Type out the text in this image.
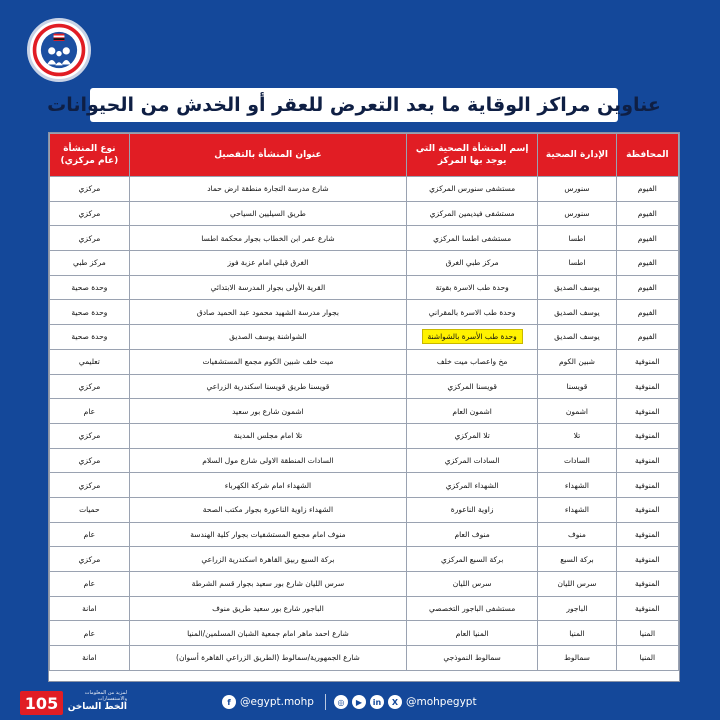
عناوين مراكز الوقاية ما بعد التعرض للعقر أو الخدش من الحيوانات
المحافظة	الإدارة الصحية	إسم المنشأة الصحية التي يوجد بها المركز	عنوان المنشأة بالتفصيل	نوع المنشأة (عام مركزي)
الفيوم	سنورس	مستشفى سنورس المركزي	شارع مدرسة التجارة منطقة ارض حماد	مركزي
الفيوم	سنورس	مستشفى فيديمين المركزي	طريق السيليين السياحي	مركزي
الفيوم	اطسا	مستشفى اطسا المركزي	شارع عمر ابن الخطاب بجوار محكمة اطسا	مركزي
الفيوم	اطسا	مركز طبي الغرق	الغرق قبلي امام عزبة فوز	مركز طبي
الفيوم	يوسف الصديق	وحدة طب الاسرة بقوتة	القرية الأولى بجوار المدرسة الابتدائي	وحدة صحية
الفيوم	يوسف الصديق	وحدة طب الاسرة بالمقراني	بجوار مدرسة الشهيد محمود عبد الحميد صادق	وحدة صحية
الفيوم	يوسف الصديق	وحدة طب الأسرة بالشواشنة	الشواشنة يوسف الصديق	وحدة صحية
المنوفية	شبين الكوم	مخ واعصاب ميت خلف	ميت خلف شبين الكوم مجمع المستشفيات	تعليمي
المنوفية	قويسنا	قويسنا المركزي	قويسنا طريق قويسنا اسكندرية الزراعي	مركزي
المنوفية	اشمون	اشمون العام	اشمون شارع بور سعيد	عام
المنوفية	تلا	تلا المركزي	تلا امام مجلس المدينة	مركزي
المنوفية	السادات	السادات المركزي	السادات المنطقة الاولى شارع مول السلام	مركزي
المنوفية	الشهداء	الشهداء المركزي	الشهداء امام شركة الكهرباء	مركزي
المنوفية	الشهداء	زاوية الناعورة	الشهداء زاوية الناعورة بجوار مكتب الصحة	حميات
المنوفية	منوف	منوف العام	منوف امام مجمع المستشفيات بجوار كلية الهندسة	عام
المنوفية	بركة السبع	بركة السبع المركزي	بركة السبع ربيق القاهرة اسكندرية الزراعي	مركزي
المنوفية	سرس الليان	سرس الليان	سرس الليان شارع بور سعيد بجوار قسم الشرطة	عام
المنوفية	الباجور	مستشفى الباجور التخصصي	الباجور شارع بور سعيد طريق منوف	امانة
المنيا	المنيا	المنيا العام	شارع احمد ماهر امام جمعية الشبان المسلمين/المنيا	عام
المنيا	سمالوط	سمالوط النموذجي	شارع الجمهورية/سمالوط (الطريق الزراعي القاهرة أسوان)	امانة
105
لمزيد من المعلومات والاستفسارات
الخط الساخن	f @egypt.mohp	◎	▶	in	X @mohpegypt
